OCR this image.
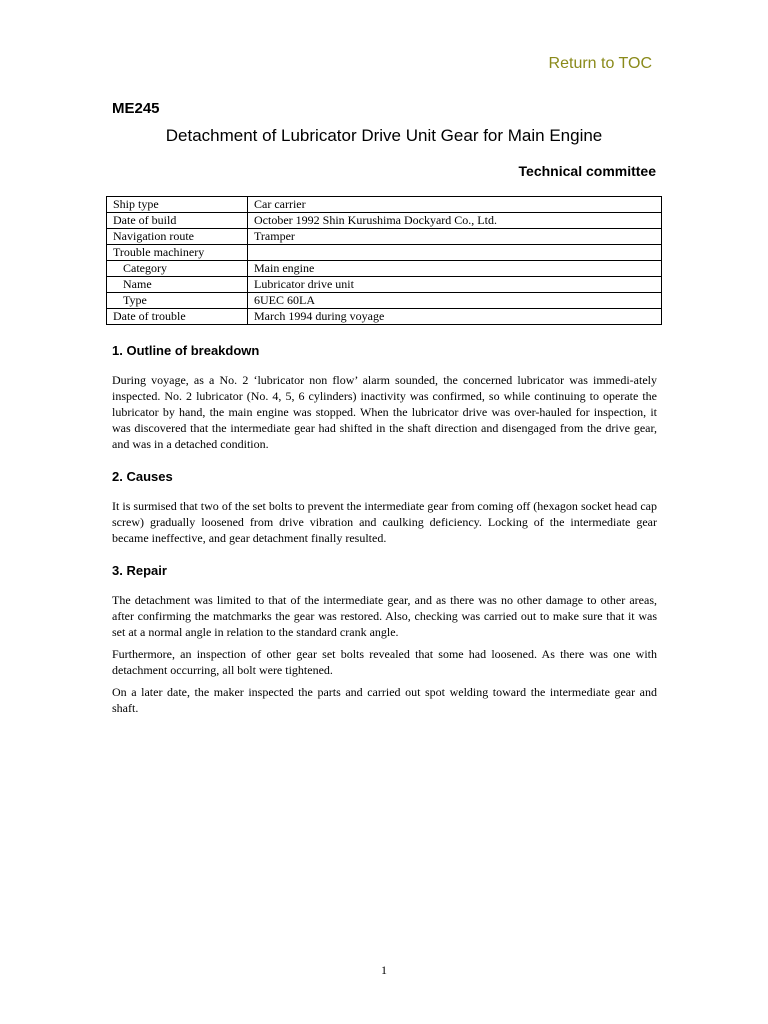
Return to TOC
ME245
Detachment of Lubricator Drive Unit Gear for Main Engine
Technical committee
Ship type	Car carrier
Date of build	October 1992 Shin Kurushima Dockyard Co., Ltd.
Navigation route	Tramper
Trouble machinery	
Category	Main engine
Name	Lubricator drive unit
Type	6UEC 60LA
Date of trouble	March 1994 during voyage
1. Outline of breakdown

During voyage, as a No. 2 ‘lubricator non flow’ alarm sounded, the concerned lubricator was immedi-ately inspected. No. 2 lubricator (No. 4, 5, 6 cylinders) inactivity was confirmed, so while continuing to operate the lubricator by hand, the main engine was stopped. When the lubricator drive was over-hauled for inspection, it was discovered that the intermediate gear had shifted in the shaft direction and disengaged from the drive gear, and was in a detached condition.

2. Causes

It is surmised that two of the set bolts to prevent the intermediate gear from coming off (hexagon socket head cap screw) gradually loosened from drive vibration and caulking deficiency. Locking of the intermediate gear became ineffective, and gear detachment finally resulted.

3. Repair

The detachment was limited to that of the intermediate gear, and as there was no other damage to other areas, after confirming the matchmarks the gear was restored. Also, checking was carried out to make sure that it was set at a normal angle in relation to the standard crank angle.

Furthermore, an inspection of other gear set bolts revealed that some had loosened. As there was one with detachment occurring, all bolt were tightened.

On a later date, the maker inspected the parts and carried out spot welding toward the intermediate gear and shaft.

1
